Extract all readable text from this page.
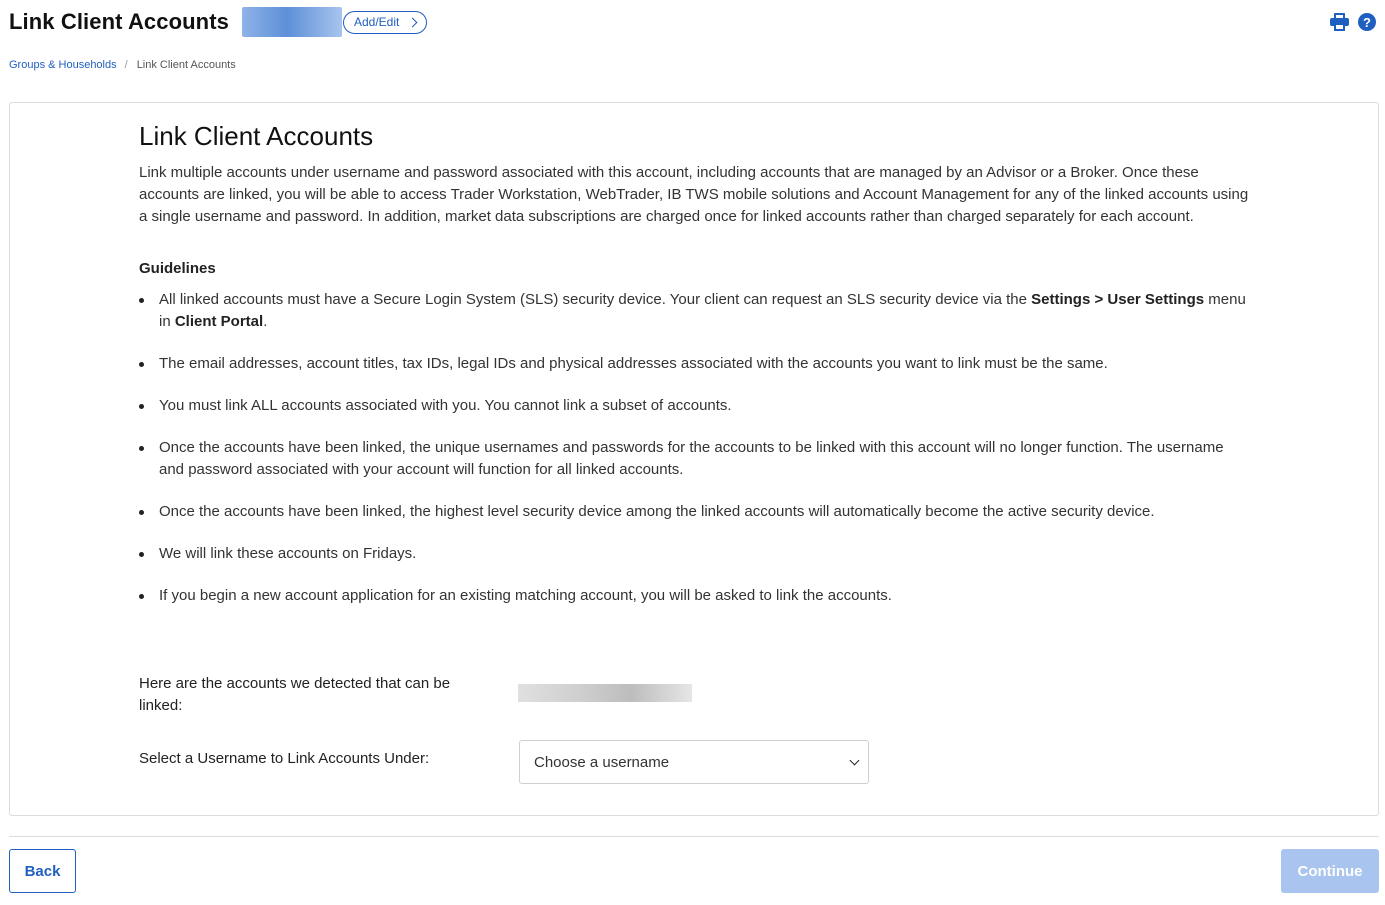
Link Client Accounts	Add/Edit	?
Groups & Households / Link Client Accounts
Link Client Accounts

Link multiple accounts under username and password associated with this account, including accounts that are managed by an Advisor or a Broker. Once these accounts are linked, you will be able to access Trader Workstation, WebTrader, IB TWS mobile solutions and Account Management for any of the linked accounts using a single username and password. In addition, market data subscriptions are charged once for linked accounts rather than charged separately for each account.

Guidelines
All linked accounts must have a Secure Login System (SLS) security device. Your client can request an SLS security device via the Settings > User Settings menu in Client Portal.
The email addresses, account titles, tax IDs, legal IDs and physical addresses associated with the accounts you want to link must be the same.
You must link ALL accounts associated with you. You cannot link a subset of accounts.
Once the accounts have been linked, the unique usernames and passwords for the accounts to be linked with this account will no longer function. The username and password associated with your account will function for all linked accounts.
Once the accounts have been linked, the highest level security device among the linked accounts will automatically become the active security device.
We will link these accounts on Fridays.
If you begin a new account application for an existing matching account, you will be asked to link the accounts.
Here are the accounts we detected that can be linked:
Select a Username to Link Accounts Under:	Choose a username
Back	Continue
